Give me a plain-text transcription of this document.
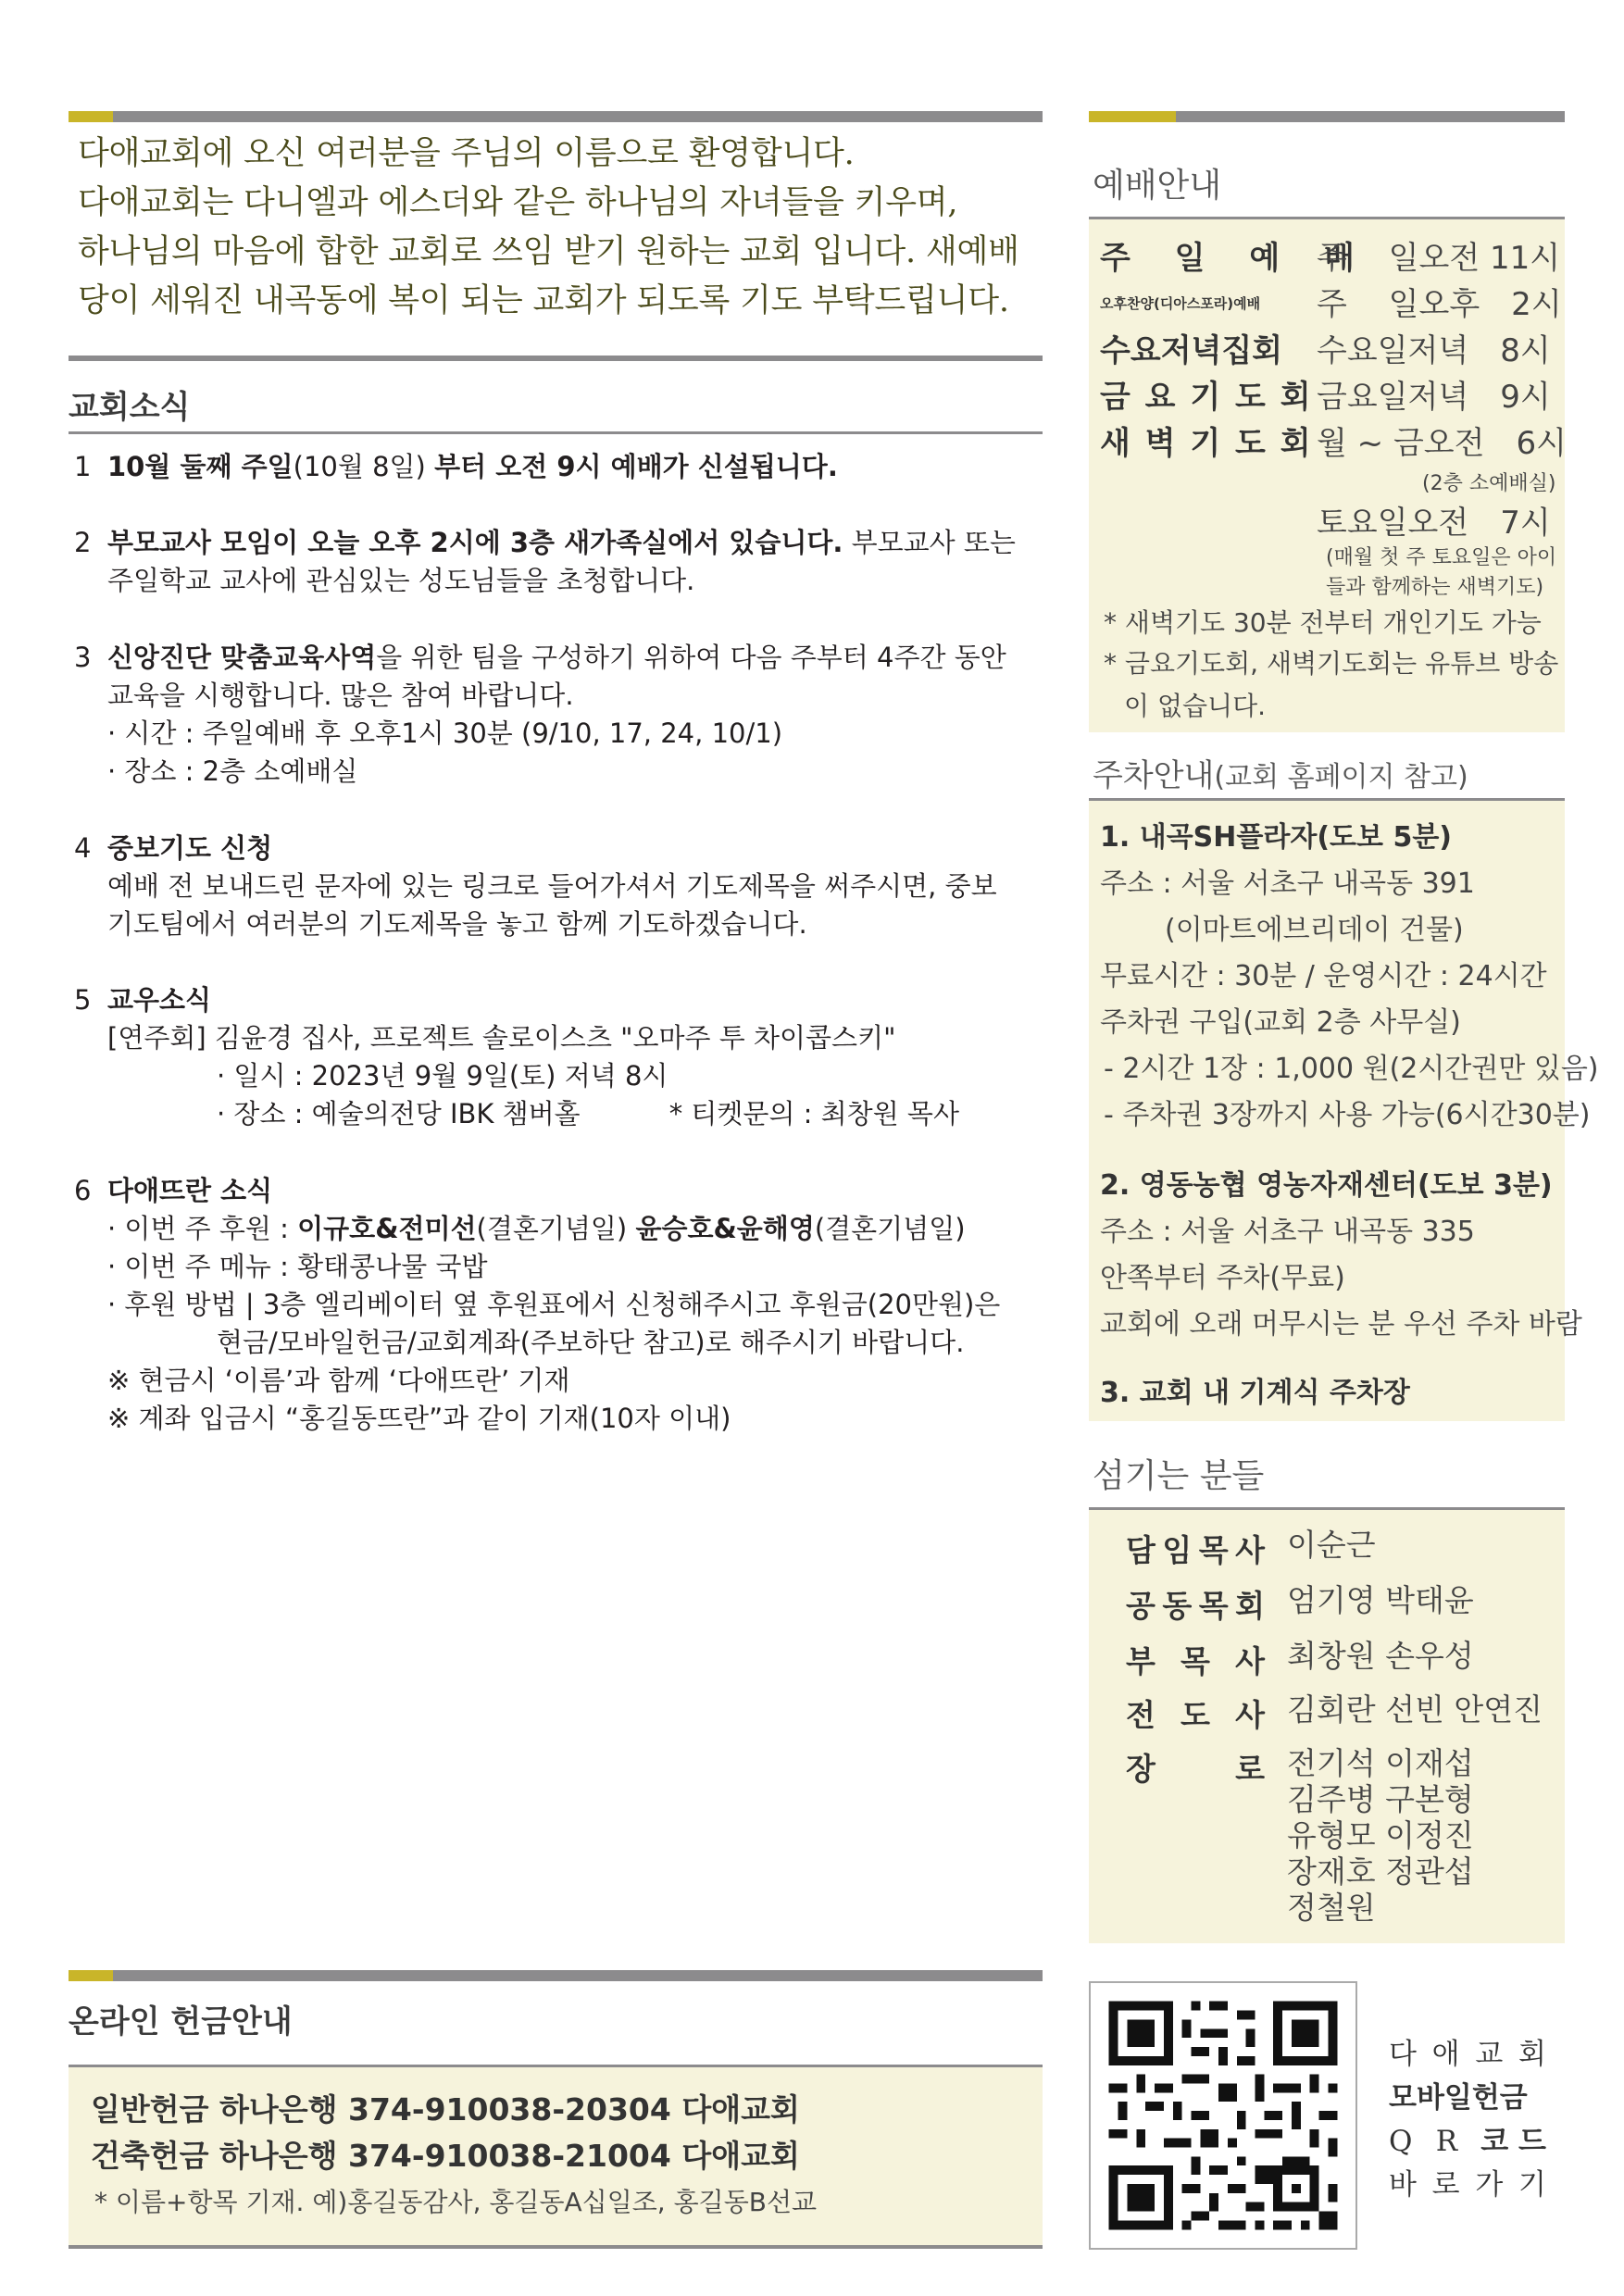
다애교회에 오신 여러분을 주님의 이름으로 환영합니다.
다애교회는 다니엘과 에스더와 같은 하나님의 자녀들을 키우며,
하나님의 마음에 합한 교회로 쓰임 받기 원하는 교회 입니다. 새예배
당이 세워진 내곡동에 복이 되는 교회가 되도록 기도 부탁드립니다.
교회소식
1 10월 둘째 주일(10월 8일) 부터 오전 9시 예배가 신설됩니다.
2 부모교사 모임이 오늘 오후 2시에 3층 새가족실에서 있습니다. 부모교사 또는
주일학교 교사에 관심있는 성도님들을 초청합니다.
3 신앙진단 맞춤교육사역을 위한 팀을 구성하기 위하여 다음 주부터 4주간 동안
교육을 시행합니다. 많은 참여 바랍니다.
· 시간 : 주일예배 후 오후1시 30분 (9/10, 17, 24, 10/1)
· 장소 : 2층 소예배실
4 중보기도 신청
예배 전 보내드린 문자에 있는 링크로 들어가셔서 기도제목을 써주시면, 중보
기도팀에서 여러분의 기도제목을 놓고 함께 기도하겠습니다.
5 교우소식
[연주회] 김윤경 집사, 프로젝트 솔로이스츠 "오마주 투 차이콥스키"
· 일시 : 2023년 9월 9일(토) 저녁 8시
· 장소 : 예술의전당 IBK 챔버홀	* 티켓문의 : 최창원 목사
6 다애뜨란 소식
· 이번 주 후원 : 이규호&전미선(결혼기념일) 윤승호&윤해영(결혼기념일)
· 이번 주 메뉴 : 황태콩나물 국밥
· 후원 방법 | 3층 엘리베이터 옆 후원표에서 신청해주시고 후원금(20만원)은
현금/모바일헌금/교회계좌(주보하단 참고)로 해주시기 바랍니다.
※ 현금시 ‘이름’과 함께 ‘다애뜨란’ 기재
※ 계좌 입금시 “홍길동뜨란”과 같이 기재(10자 이내)
예배안내
주 일 예 배
주　 일오전 11시
오후찬양(디아스포라)예배 주　 일오후　2시
수요저녁집회 수요일저녁　8시
금 요 기 도 회 금요일저녁　9시
새 벽 기 도 회 월 ~ 금오전　6시
(2층 소예배실)
토요일오전　7시
(매월 첫 주 토요일은 아이
들과 함께하는 새벽기도)
* 새벽기도 30분 전부터 개인기도 가능
* 금요기도회, 새벽기도회는 유튜브 방송
이 없습니다.
주차안내(교회 홈페이지 참고)
1. 내곡SH플라자(도보 5분)
주소 : 서울 서초구 내곡동 391
(이마트에브리데이 건물)
무료시간 : 30분 / 운영시간 : 24시간
주차권 구입(교회 2층 사무실)
- 2시간 1장 : 1,000 원(2시간권만 있음)
- 주차권 3장까지 사용 가능(6시간30분)
2. 영동농협 영농자재센터(도보 3분)
주소 : 서울 서초구 내곡동 335
안쪽부터 주차(무료)
교회에 오래 머무시는 분 우선 주차 바람
3. 교회 내 기계식 주차장
섬기는 분들
담 임 목 사 이순근
공 동 목 회 엄기영 박태윤
부 목 사 최창원 손우성
전 도 사 김회란 선빈 안연진
장	로 전기석 이재섭
김주병 구본형
유형모 이정진
장재호 정관섭
정철원
온라인 헌금안내
일반헌금 하나은행 374-910038-20304 다애교회
건축헌금 하나은행 374-910038-21004 다애교회
* 이름+항목 기재. 예)홍길동감사, 홍길동A십일조, 홍길동B선교
다 애 교 회
모바일헌금
Q R 코 드
바 로 가 기
